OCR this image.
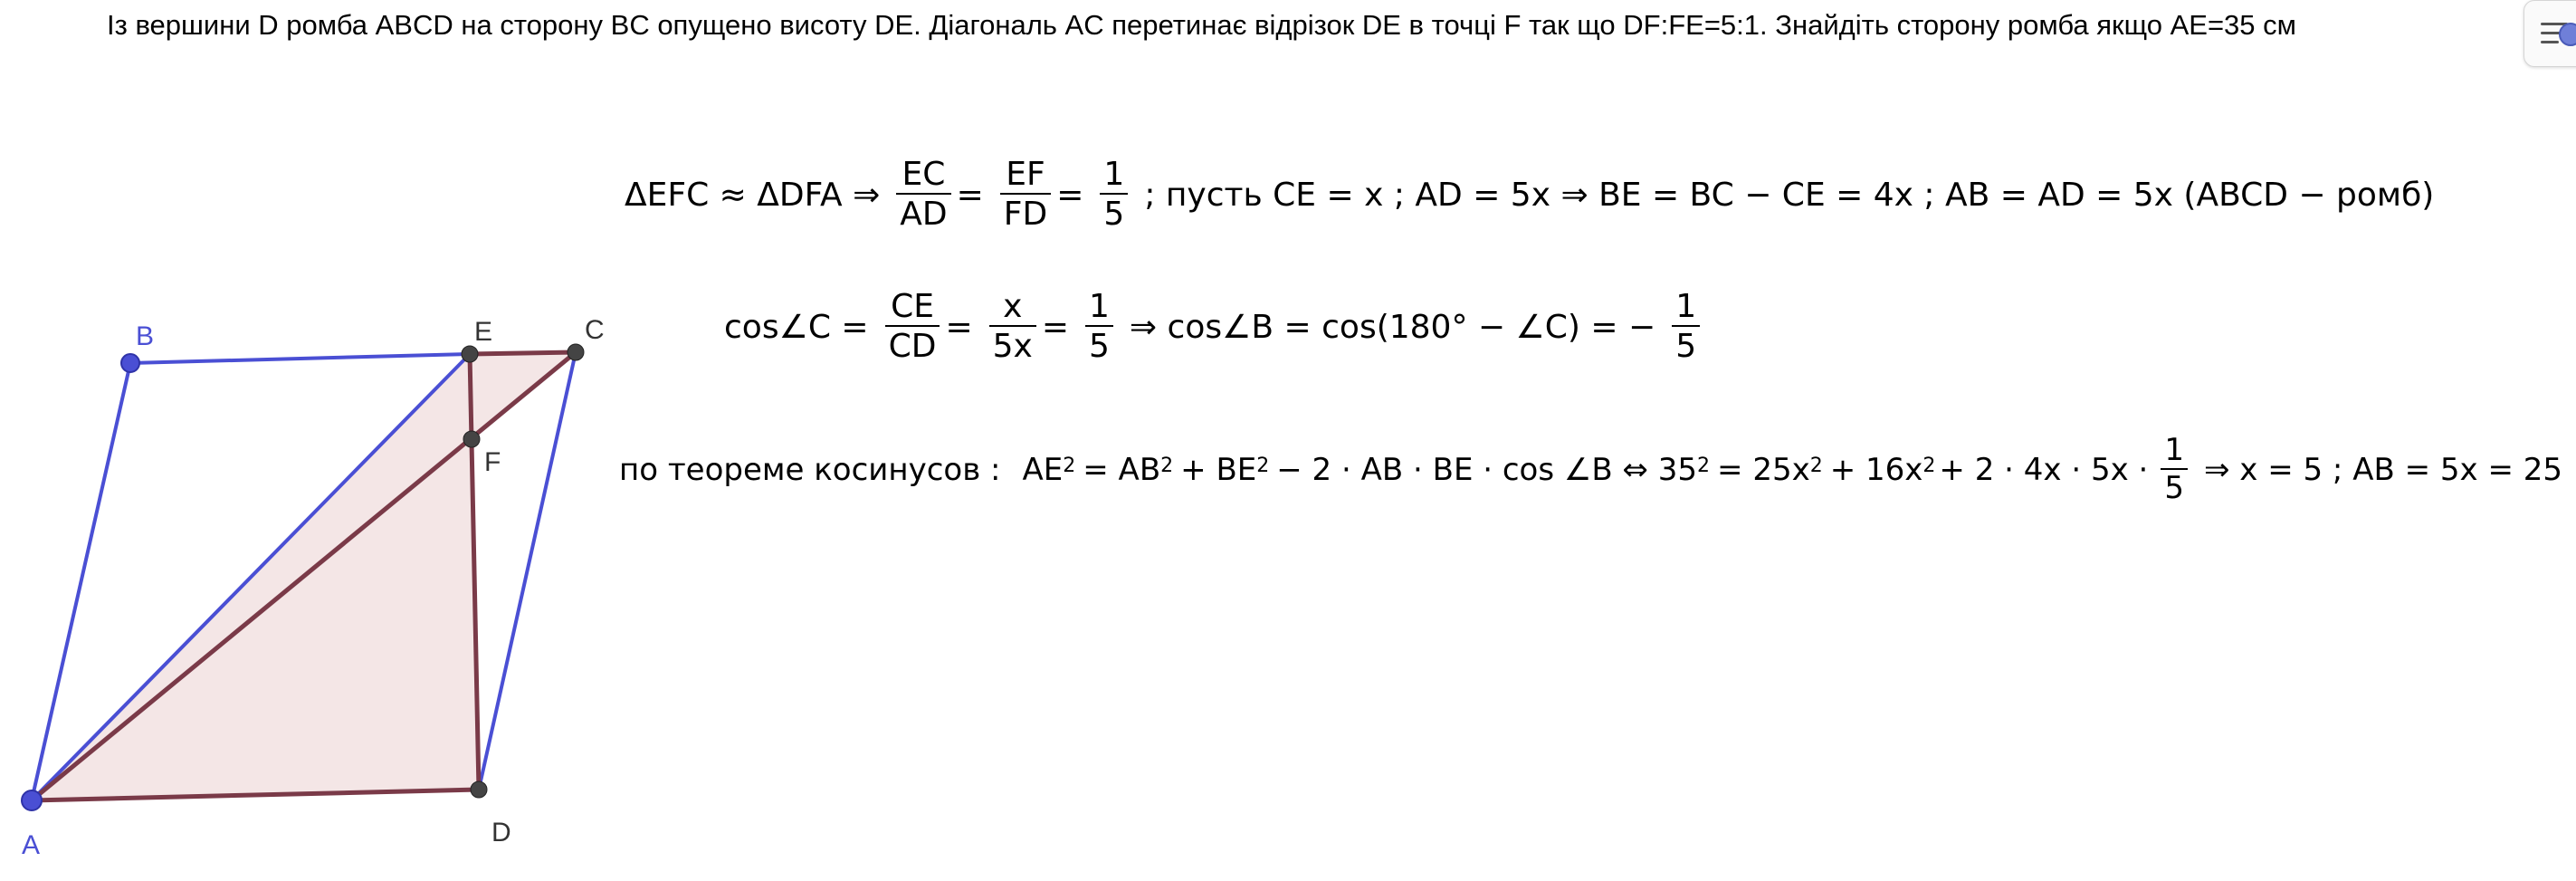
Із вершини D ромба ABCD на сторону BC опущено висоту DE. Діагональ AC перетинає відрізок DE в точці F так що DF:FE=5:1. Знайдіть сторону ромба якщо AE=35 см
B	E	C
F
A	D
ΔEFC ≈ ΔDFA ⇒ $\frac{EC}{AD} = \frac{EF}{FD} = \frac{1}{5}$ ; пусть CE = x ; AD = 5x ⇒ BE = BC − CE = 4x ; AB = AD = 5x (ABCD − ромб)
cos∠C = $\frac{CE}{CD} = \frac{x}{5x} = \frac{1}{5}$ ⇒ cos∠B = cos(180° − ∠C) = − $\frac{1}{5}$
по теореме косинусов : $AE^2 = AB^2 + BE^2 - 2$ · AB · BE · cos ∠B ⇔ $35^2 = 25x^2 + 16x^2 + 2 \cdot 4x \cdot 5x \cdot \frac{1}{5}$ ⇒ x = 5 ; AB = 5x = 25
